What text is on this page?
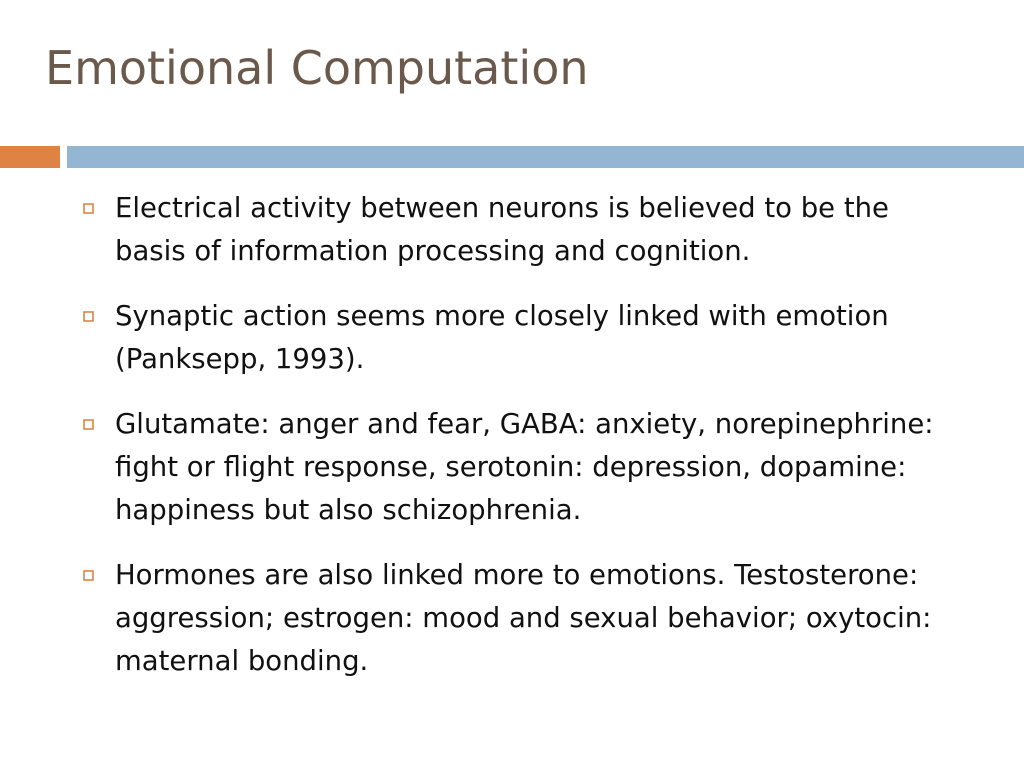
Emotional Computation
Electrical activity between neurons is believed to be the basis of information processing and cognition.
Synaptic action seems more closely linked with emotion (Panksepp, 1993).
Glutamate: anger and fear, GABA: anxiety, norepinephrine: fight or flight response, serotonin: depression, dopamine: happiness but also schizophrenia.
Hormones are also linked more to emotions. Testosterone: aggression; estrogen: mood and sexual behavior; oxytocin: maternal bonding.
